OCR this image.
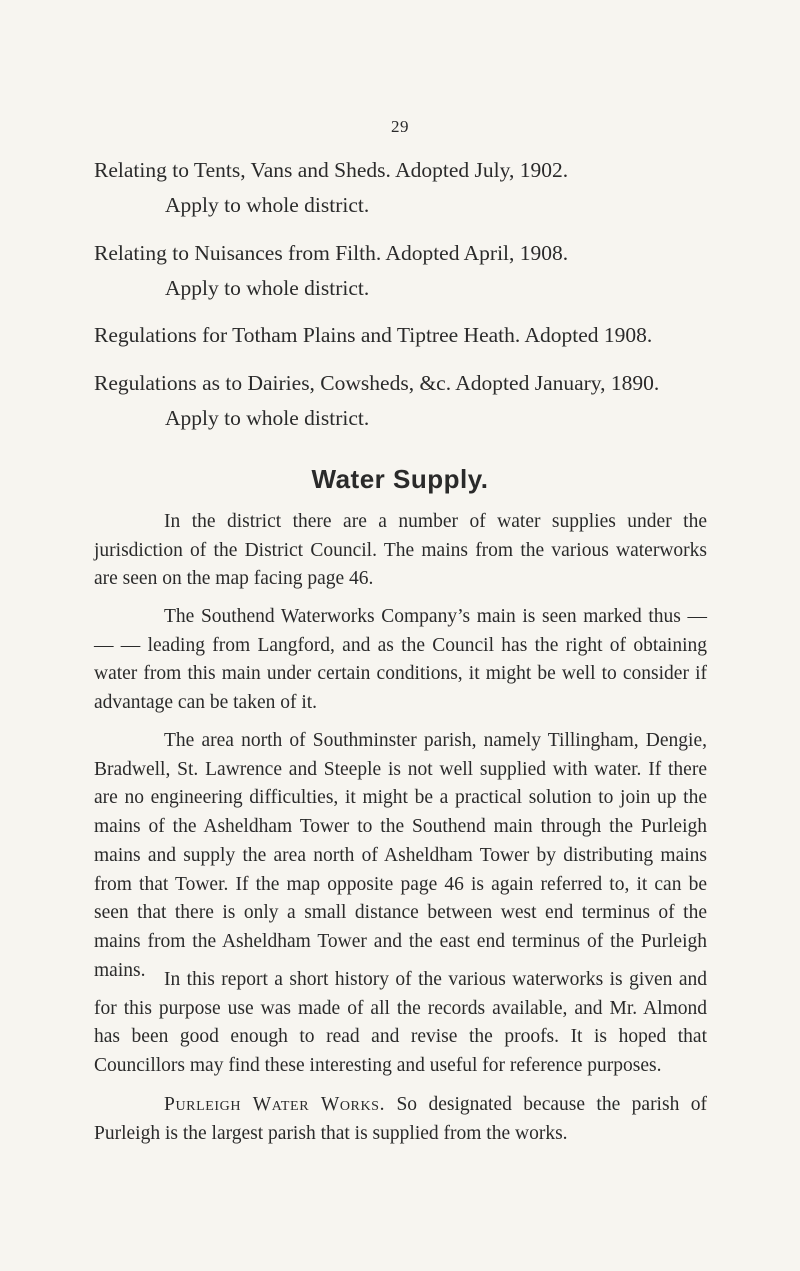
29
Relating to Tents, Vans and Sheds. Adopted July, 1902.
Apply to whole district.
Relating to Nuisances from Filth. Adopted April, 1908.
Apply to whole district.
Regulations for Totham Plains and Tiptree Heath. Adopted 1908.
Regulations as to Dairies, Cowsheds, &c. Adopted January, 1890.
Apply to whole district.
Water Supply.

In the district there are a number of water supplies under the jurisdiction of the District Council. The mains from the various waterworks are seen on the map facing page 46.

The Southend Waterworks Company’s main is seen marked thus — — — leading from Langford, and as the Council has the right of obtaining water from this main under certain conditions, it might be well to consider if advantage can be taken of it.

The area north of Southminster parish, namely Tillingham, Dengie, Bradwell, St. Lawrence and Steeple is not well supplied with water. If there are no engineering difficulties, it might be a practical solution to join up the mains of the Asheldham Tower to the Southend main through the Purleigh mains and supply the area north of Asheldham Tower by distributing mains from that Tower. If the map opposite page 46 is again referred to, it can be seen that there is only a small distance between west end terminus of the mains from the Asheldham Tower and the east end terminus of the Purleigh mains. In this report a short history of the various waterworks is given and for this purpose use was made of all the records available, and Mr. Almond has been good enough to read and revise the proofs. It is hoped that Councillors may find these interesting and useful for reference purposes.

Purleigh Water Works. So designated because the parish of Purleigh is the largest parish that is supplied from the works.
